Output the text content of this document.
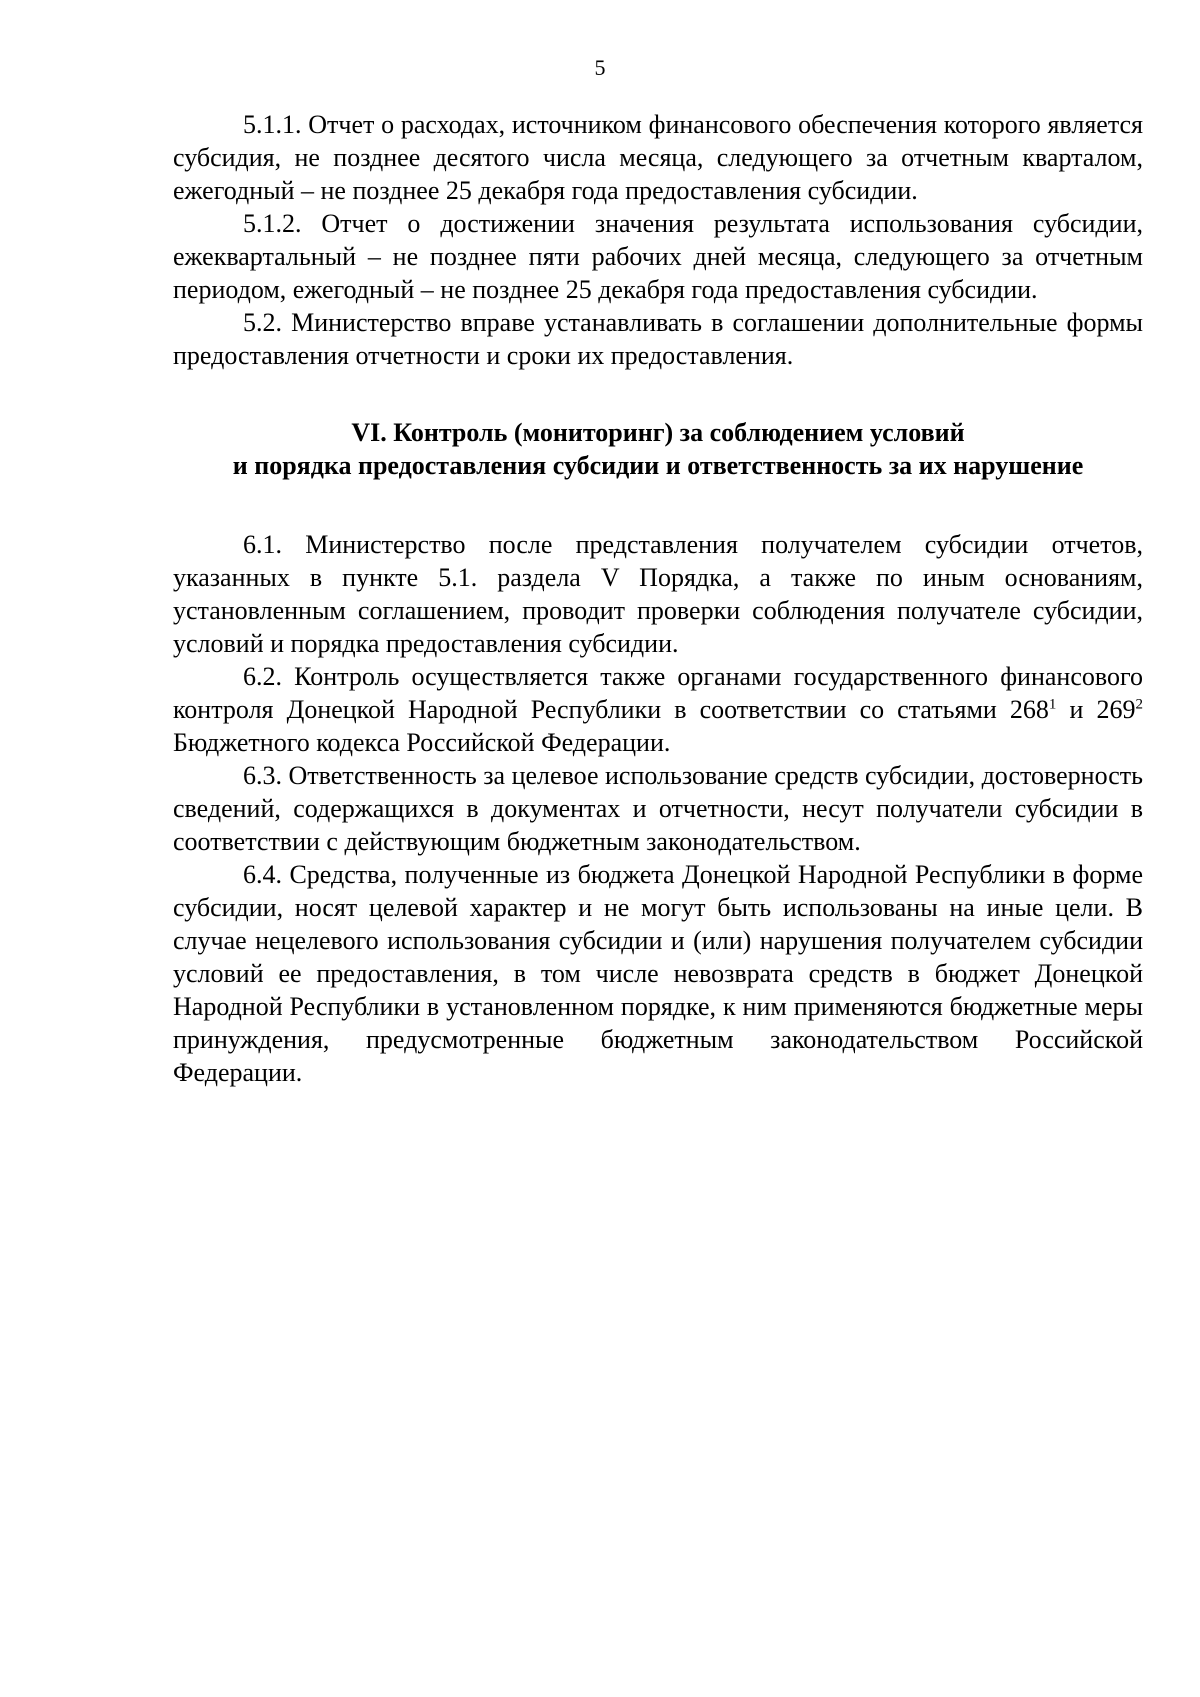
5

5.1.1. Отчет о расходах, источником финансового обеспечения которого является субсидия, не позднее десятого числа месяца, следующего за отчетным кварталом, ежегодный – не позднее 25 декабря года предоставления субсидии.

5.1.2. Отчет о достижении значения результата использования субсидии, ежеквартальный – не позднее пяти рабочих дней месяца, следующего за отчетным периодом, ежегодный – не позднее 25 декабря года предоставления субсидии.

5.2. Министерство вправе устанавливать в соглашении дополнительные формы предоставления отчетности и сроки их предоставления.

VI. Контроль (мониторинг) за соблюдением условий
и порядка предоставления субсидии и ответственность за их нарушение

6.1. Министерство после представления получателем субсидии отчетов, указанных в пункте 5.1. раздела V Порядка, а также по иным основаниям, установленным соглашением, проводит проверки соблюдения получателе субсидии, условий и порядка предоставления субсидии.

6.2. Контроль осуществляется также органами государственного финансового контроля Донецкой Народной Республики в соответствии со статьями $268^1$ и $269^2$ Бюджетного кодекса Российской Федерации.

6.3. Ответственность за целевое использование средств субсидии, достоверность сведений, содержащихся в документах и отчетности, несут получатели субсидии в соответствии с действующим бюджетным законодательством.

6.4. Средства, полученные из бюджета Донецкой Народной Республики в форме субсидии, носят целевой характер и не могут быть использованы на иные цели. В случае нецелевого использования субсидии и (или) нарушения получателем субсидии условий ее предоставления, в том числе невозврата средств в бюджет Донецкой Народной Республики в установленном порядке, к ним применяются бюджетные меры принуждения, предусмотренные бюджетным законодательством Российской Федерации.
